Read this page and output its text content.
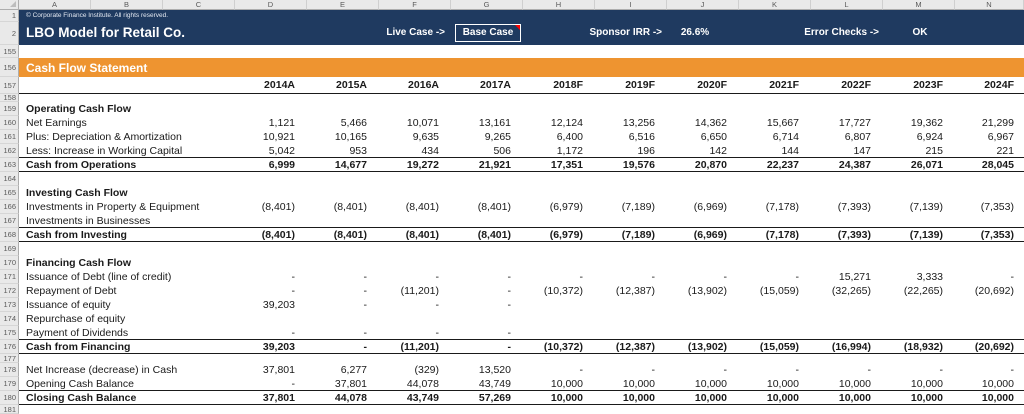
A	B	C	D	E	F	G	H	I	J	K	L	M	N
1	© Corporate Finance Institute. All rights reserved.
2 LBO Model for Retail Co.	Live Case ->	Base Case	Sponsor IRR ->	26.6%	Error Checks ->	OK
155
156 Cash Flow Statement
157	2014A	2015A	2016A	2017A	2018F	2019F	2020F	2021F	2022F	2023F	2024F
158
159 Operating Cash Flow
160 Net Earnings	1,121	5,466	10,071	13,161	12,124	13,256	14,362	15,667	17,727	19,362	21,299
161 Plus: Depreciation & Amortization	10,921	10,165	9,635	9,265	6,400	6,516	6,650	6,714	6,807	6,924	6,967
162 Less: Increase in Working Capital	5,042	953	434	506	1,172	196	142	144	147	215	221
163 Cash from Operations	6,999	14,677	19,272	21,921	17,351	19,576	20,870	22,237	24,387	26,071	28,045
164
165 Investing Cash Flow
166 Investments in Property & Equipment	(8,401)	(8,401)	(8,401)	(8,401)	(6,979)	(7,189)	(6,969)	(7,178)	(7,393)	(7,139)	(7,353)
167 Investments in Businesses
168 Cash from Investing	(8,401)	(8,401)	(8,401)	(8,401)	(6,979)	(7,189)	(6,969)	(7,178)	(7,393)	(7,139)	(7,353)
169
170 Financing Cash Flow
171 Issuance of Debt (line of credit)	-	-	-	-	-	-	-	-	15,271	3,333	-
172 Repayment of Debt	-	-	(11,201)	-	(10,372)	(12,387)	(13,902)	(15,059)	(32,265)	(22,265)	(20,692)
173 Issuance of equity	39,203	-	-	-
174 Repurchase of equity
175 Payment of Dividends	-	-	-	-
176 Cash from Financing	39,203	-	(11,201)	-	(10,372)	(12,387)	(13,902)	(15,059)	(16,994)	(18,932)	(20,692)
177
178 Net Increase (decrease) in Cash	37,801	6,277	(329)	13,520	-	-	-	-	-	-	-
179 Opening Cash Balance	-	37,801	44,078	43,749	10,000	10,000	10,000	10,000	10,000	10,000	10,000
180 Closing Cash Balance	37,801	44,078	43,749	57,269	10,000	10,000	10,000	10,000	10,000	10,000	10,000
181
